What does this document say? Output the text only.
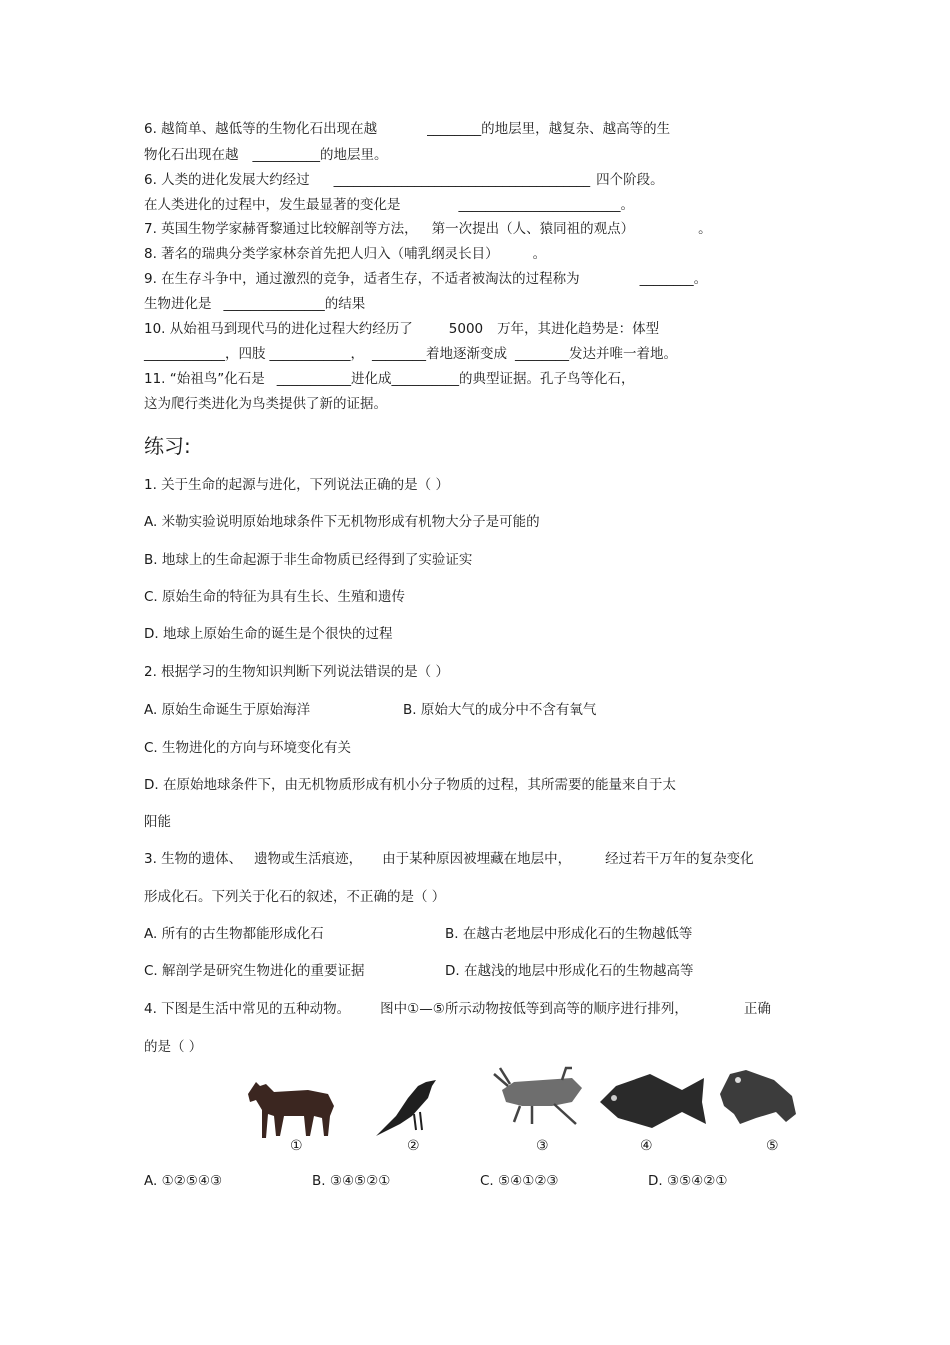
6. 越简单、越低等的生物化石出现在越	________的地层里，越复杂、越高等的生
物化石出现在越 __________的地层里。
6. 人类的进化发展大约经过 ______________________________________ 四个阶段。
在人类进化的过程中，发生最显著的变化是	________________________。
7. 英国生物学家赫胥黎通过比较解剖等方法， 第一次提出（人、猿同祖的观点）	。
8. 著名的瑞典分类学家林奈首先把人归入（哺乳纲灵长目）	。
9. 在生存斗争中，通过激烈的竞争，适者生存，不适者被淘汰的过程称为	________。
生物进化是 _______________的结果
10. 从始祖马到现代马的进化过程大约经历了	5000 万年，其进化趋势是：体型
____________，四肢 ____________， ________着地逐渐变成 ________发达并唯一着地。
11. “始祖鸟”化石是 ___________进化成__________的典型证据。孔子鸟等化石，
这为爬行类进化为鸟类提供了新的证据。
练习:
1. 关于生命的起源与进化，下列说法正确的是（ ）
A. 米勒实验说明原始地球条件下无机物形成有机物大分子是可能的
B. 地球上的生命起源于非生命物质已经得到了实验证实
C. 原始生命的特征为具有生长、生殖和遗传
D. 地球上原始生命的诞生是个很快的过程
2. 根据学习的生物知识判断下列说法错误的是（ ）
A. 原始生命诞生于原始海洋	B. 原始大气的成分中不含有氧气
C. 生物进化的方向与环境变化有关
D. 在原始地球条件下，由无机物质形成有机小分子物质的过程，其所需要的能量来自于太
阳能
3. 生物的遗体、 遗物或生活痕迹， 由于某种原因被埋藏在地层中，	经过若干万年的复杂变化
形成化石。下列关于化石的叙述，不正确的是（ ）
A. 所有的古生物都能形成化石	B. 在越古老地层中形成化石的生物越低等
C. 解剖学是研究生物进化的重要证据	D. 在越浅的地层中形成化石的生物越高等
4. 下图是生活中常见的五种动物。 图中①—⑤所示动物按低等到高等的顺序进行排列，	正确
的是（ ）
①	②	③	④	⑤
A. ①②⑤④③	B. ③④⑤②①	C. ⑤④①②③	D. ③⑤④②①
